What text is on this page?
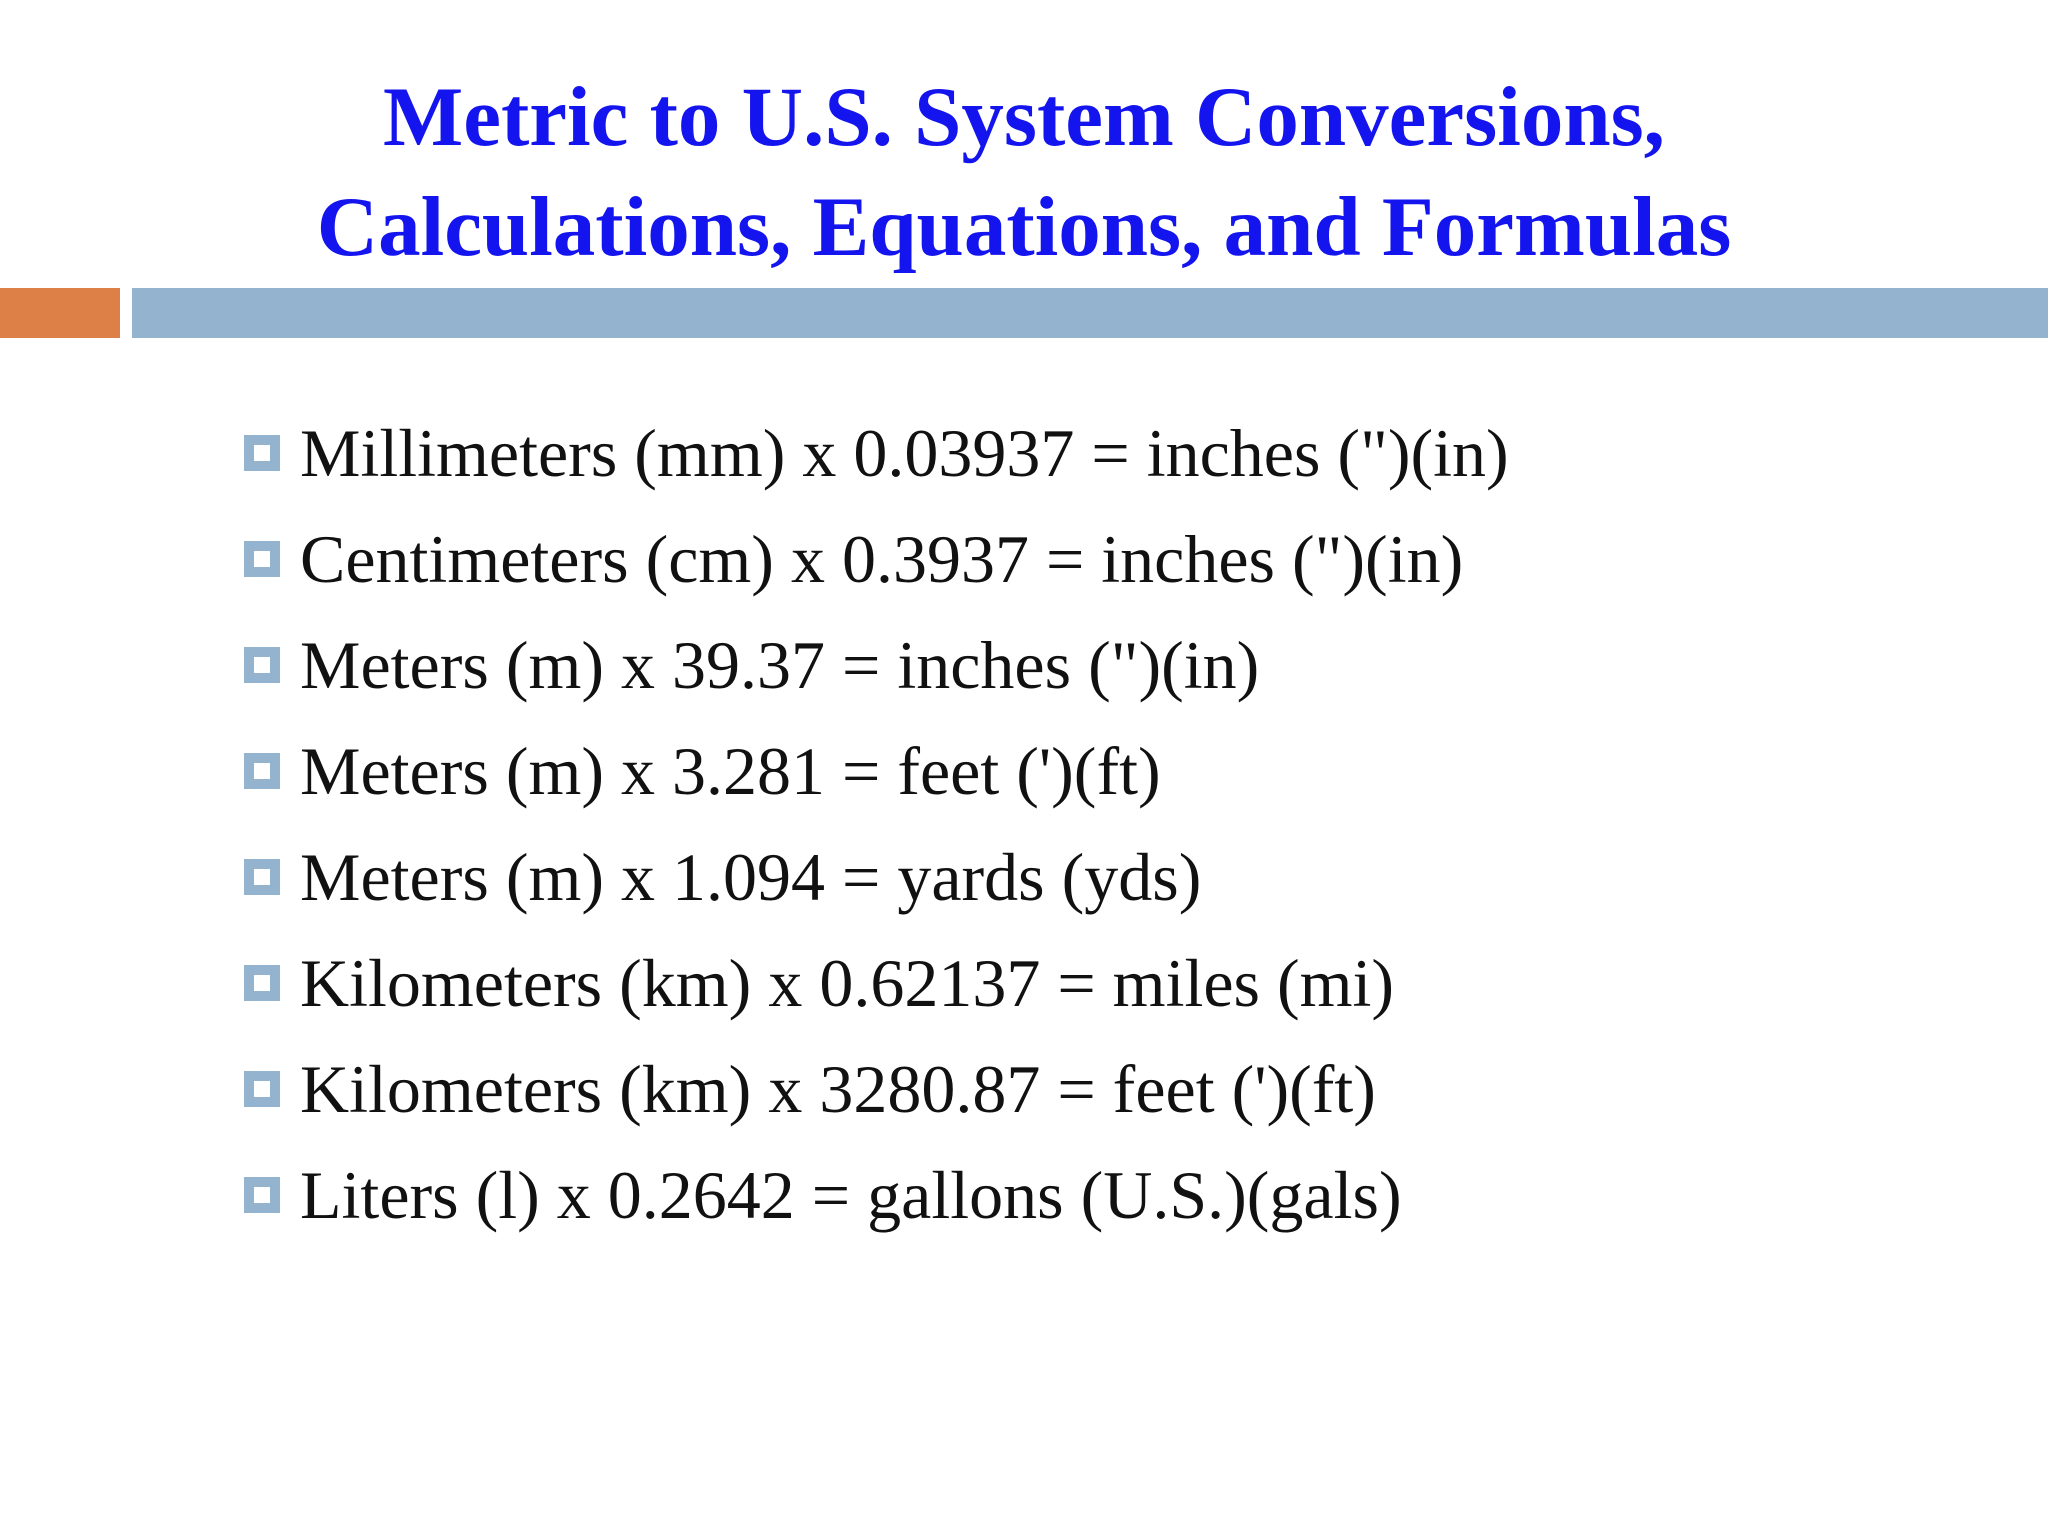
Metric to U.S. System Conversions,
Calculations, Equations, and Formulas
Millimeters (mm) x 0.03937 = inches (")(in)
Centimeters (cm) x 0.3937 = inches (")(in)
Meters (m) x 39.37 = inches (")(in)
Meters (m) x 3.281 = feet (')(ft)
Meters (m) x 1.094 = yards (yds)
Kilometers (km) x 0.62137 = miles (mi)
Kilometers (km) x 3280.87 = feet (')(ft)
Liters (l) x 0.2642 = gallons (U.S.)(gals)
